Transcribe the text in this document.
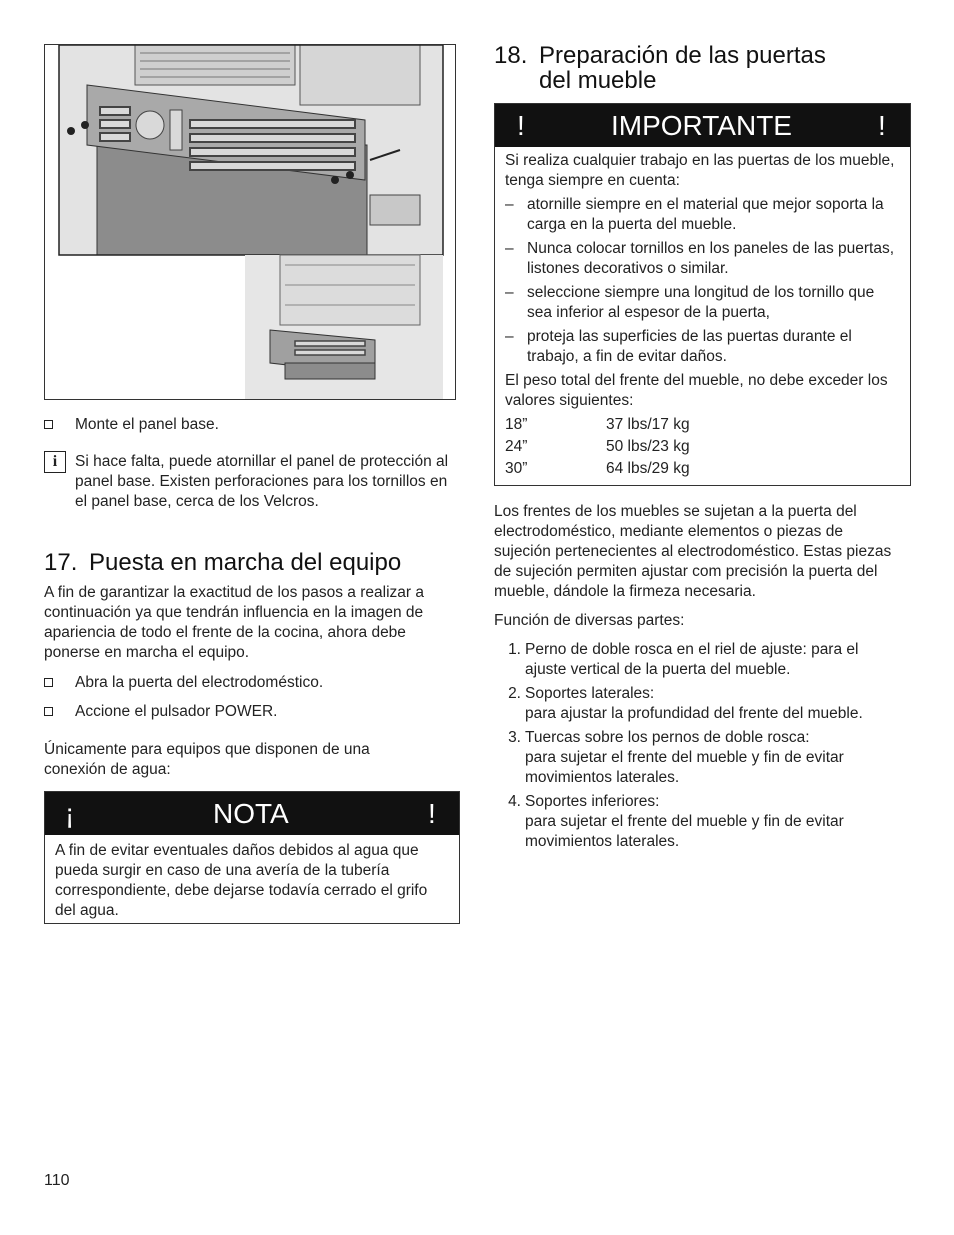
Monte el panel base.
i	Si hace falta, puede atornillar el panel de protección al panel base. Existen perforaciones para los tornillos en el panel base, cerca de los Velcros.
17. Puesta en marcha del equipo

A fin de garantizar la exactitud de los pasos a realizar a continuación ya que tendrán influencia en la imagen de apariencia de todo el frente de la cocina, ahora debe ponerse en marcha el equipo.

Abra la puerta del electrodoméstico.
Accione el pulsador POWER.

Únicamente para equipos que disponen de una conexión de agua:

¡	NOTA	!

A fin de evitar eventuales daños debidos al agua que pueda surgir en caso de una avería de la tubería correspondiente, debe dejarse todavía cerrado el grifo del agua.

18. Preparación de las puertas
del mueble
!	IMPORTANTE	!

Si realiza cualquier trabajo en las puertas de los mueble, tenga siempre en cuenta:

– atornille siempre en el material que mejor soporta la carga en la puerta del mueble.
– Nunca colocar tornillos en los paneles de las puertas, listones decorativos o similar.
– seleccione siempre una longitud de los tornillo que sea inferior al espesor de la puerta,
– proteja las superficies de las puertas durante el trabajo, a fin de evitar daños.

El peso total del frente del mueble, no debe exceder los valores siguientes:

18”	37 lbs/17 kg
24”	50 lbs/23 kg
30”	64 lbs/29 kg

Los frentes de los muebles se sujetan a la puerta del electrodoméstico, mediante elementos o piezas de sujeción pertenecientes al electrodoméstico. Estas piezas de sujeción permiten ajustar com precisión la puerta del mueble, dándole la firmeza necesaria.

Función de diversas partes:

1. Perno de doble rosca en el riel de ajuste: para el
ajuste vertical de la puerta del mueble.
2. Soportes laterales:
para ajustar la profundidad del frente del mueble.
3. Tuercas sobre los pernos de doble rosca:
para sujetar el frente del mueble y fin de evitar movimientos laterales.
4. Soportes inferiores:
para sujetar el frente del mueble y fin de evitar movimientos laterales.
110
